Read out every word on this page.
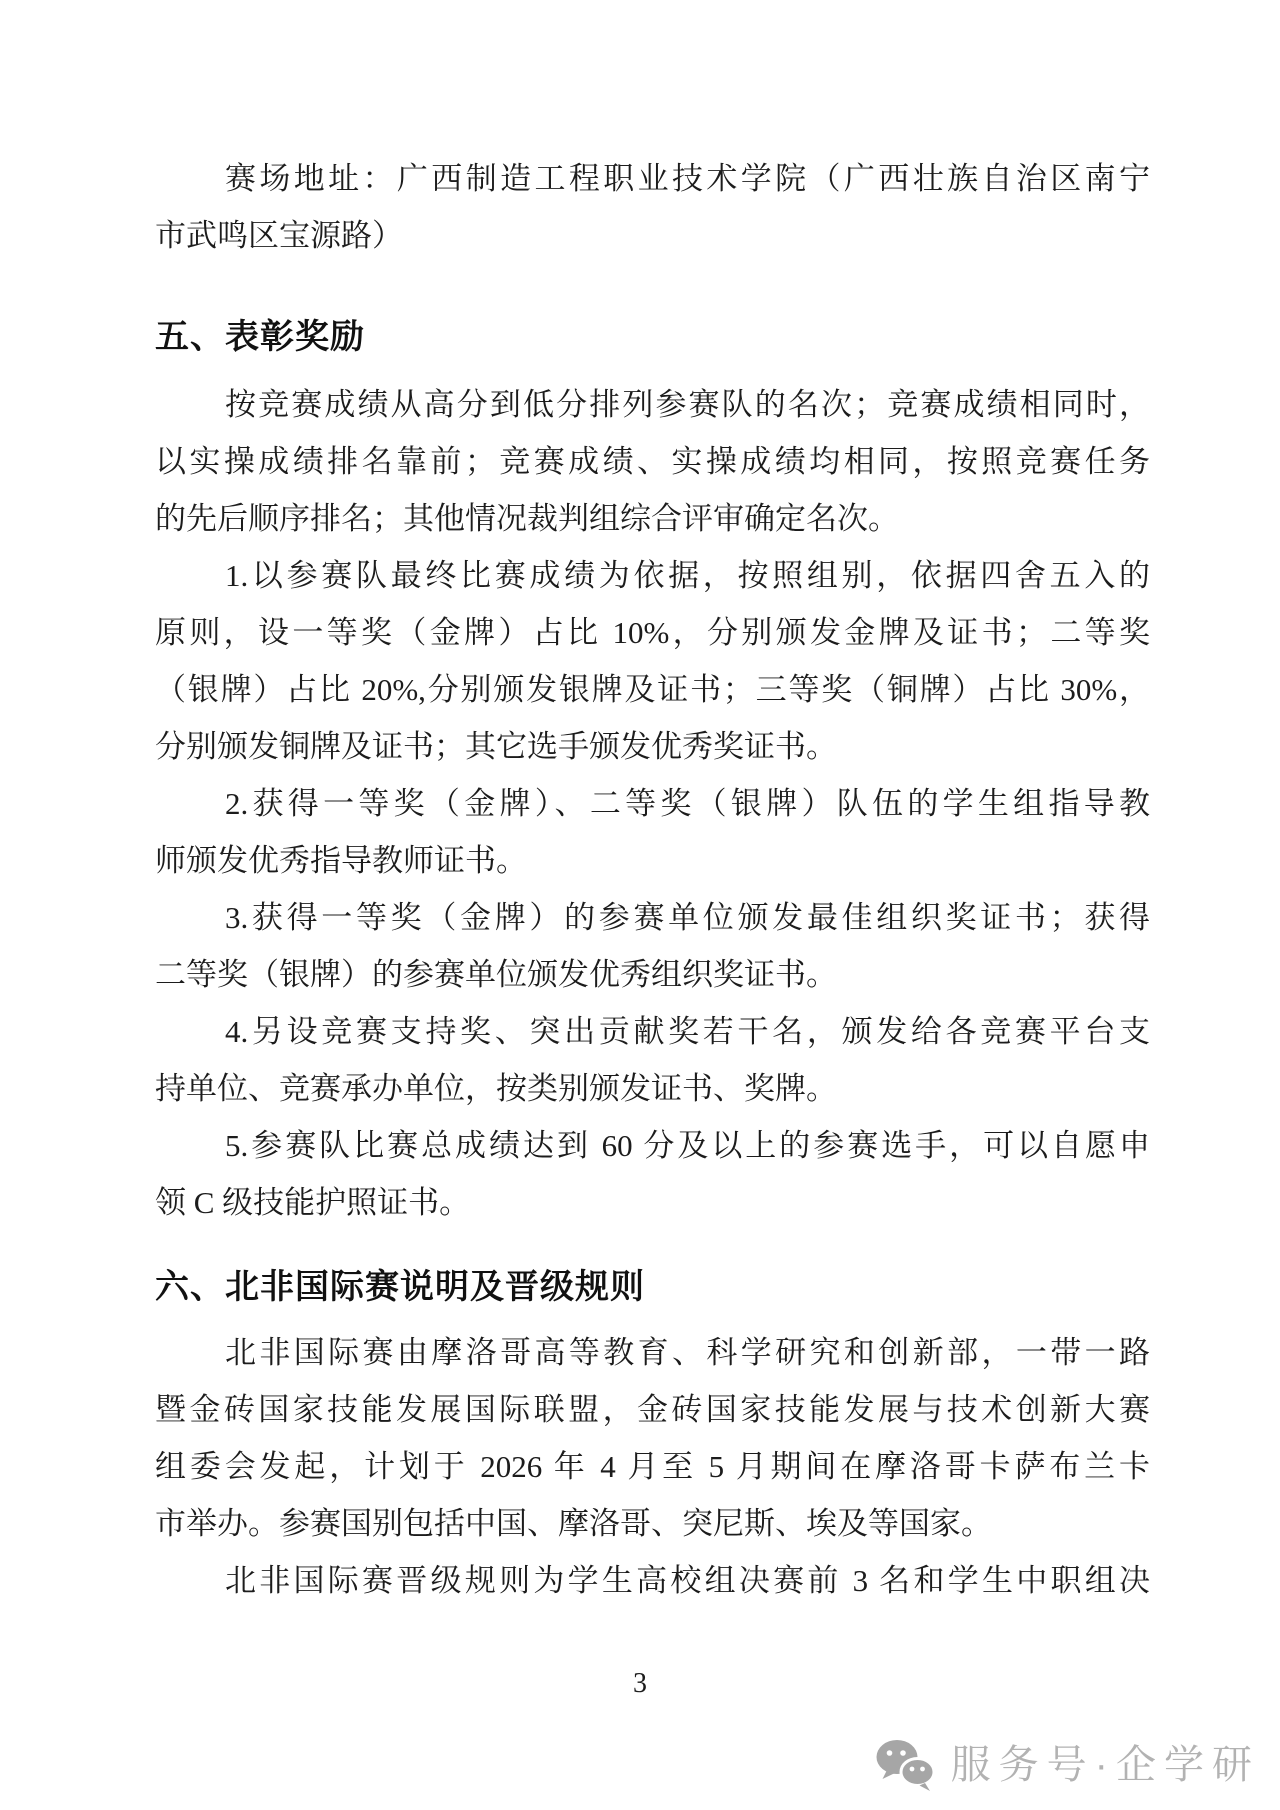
赛场地址：广西制造工程职业技术学院（广西壮族自治区南宁
市武鸣区宝源路）
五、表彰奖励
按竞赛成绩从高分到低分排列参赛队的名次；竞赛成绩相同时，
以实操成绩排名靠前；竞赛成绩、实操成绩均相同，按照竞赛任务
的先后顺序排名；其他情况裁判组综合评审确定名次。
1.以参赛队最终比赛成绩为依据，按照组别，依据四舍五入的
原则，设一等奖（金牌）占比 10%，分别颁发金牌及证书；二等奖
（银牌）占比 20%,分别颁发银牌及证书；三等奖（铜牌）占比 30%，
分别颁发铜牌及证书；其它选手颁发优秀奖证书。
2.获得一等奖（金牌）、二等奖（银牌）队伍的学生组指导教
师颁发优秀指导教师证书。
3.获得一等奖（金牌）的参赛单位颁发最佳组织奖证书；获得
二等奖（银牌）的参赛单位颁发优秀组织奖证书。
4.另设竞赛支持奖、突出贡献奖若干名，颁发给各竞赛平台支
持单位、竞赛承办单位，按类别颁发证书、奖牌。
5.参赛队比赛总成绩达到 60 分及以上的参赛选手，可以自愿申
领 C 级技能护照证书。
六、北非国际赛说明及晋级规则
北非国际赛由摩洛哥高等教育、科学研究和创新部，一带一路
暨金砖国家技能发展国际联盟，金砖国家技能发展与技术创新大赛
组委会发起，计划于 2026 年 4 月至 5 月期间在摩洛哥卡萨布兰卡
市举办。参赛国别包括中国、摩洛哥、突尼斯、埃及等国家。
北非国际赛晋级规则为学生高校组决赛前 3 名和学生中职组决
3
服务号·企学研
